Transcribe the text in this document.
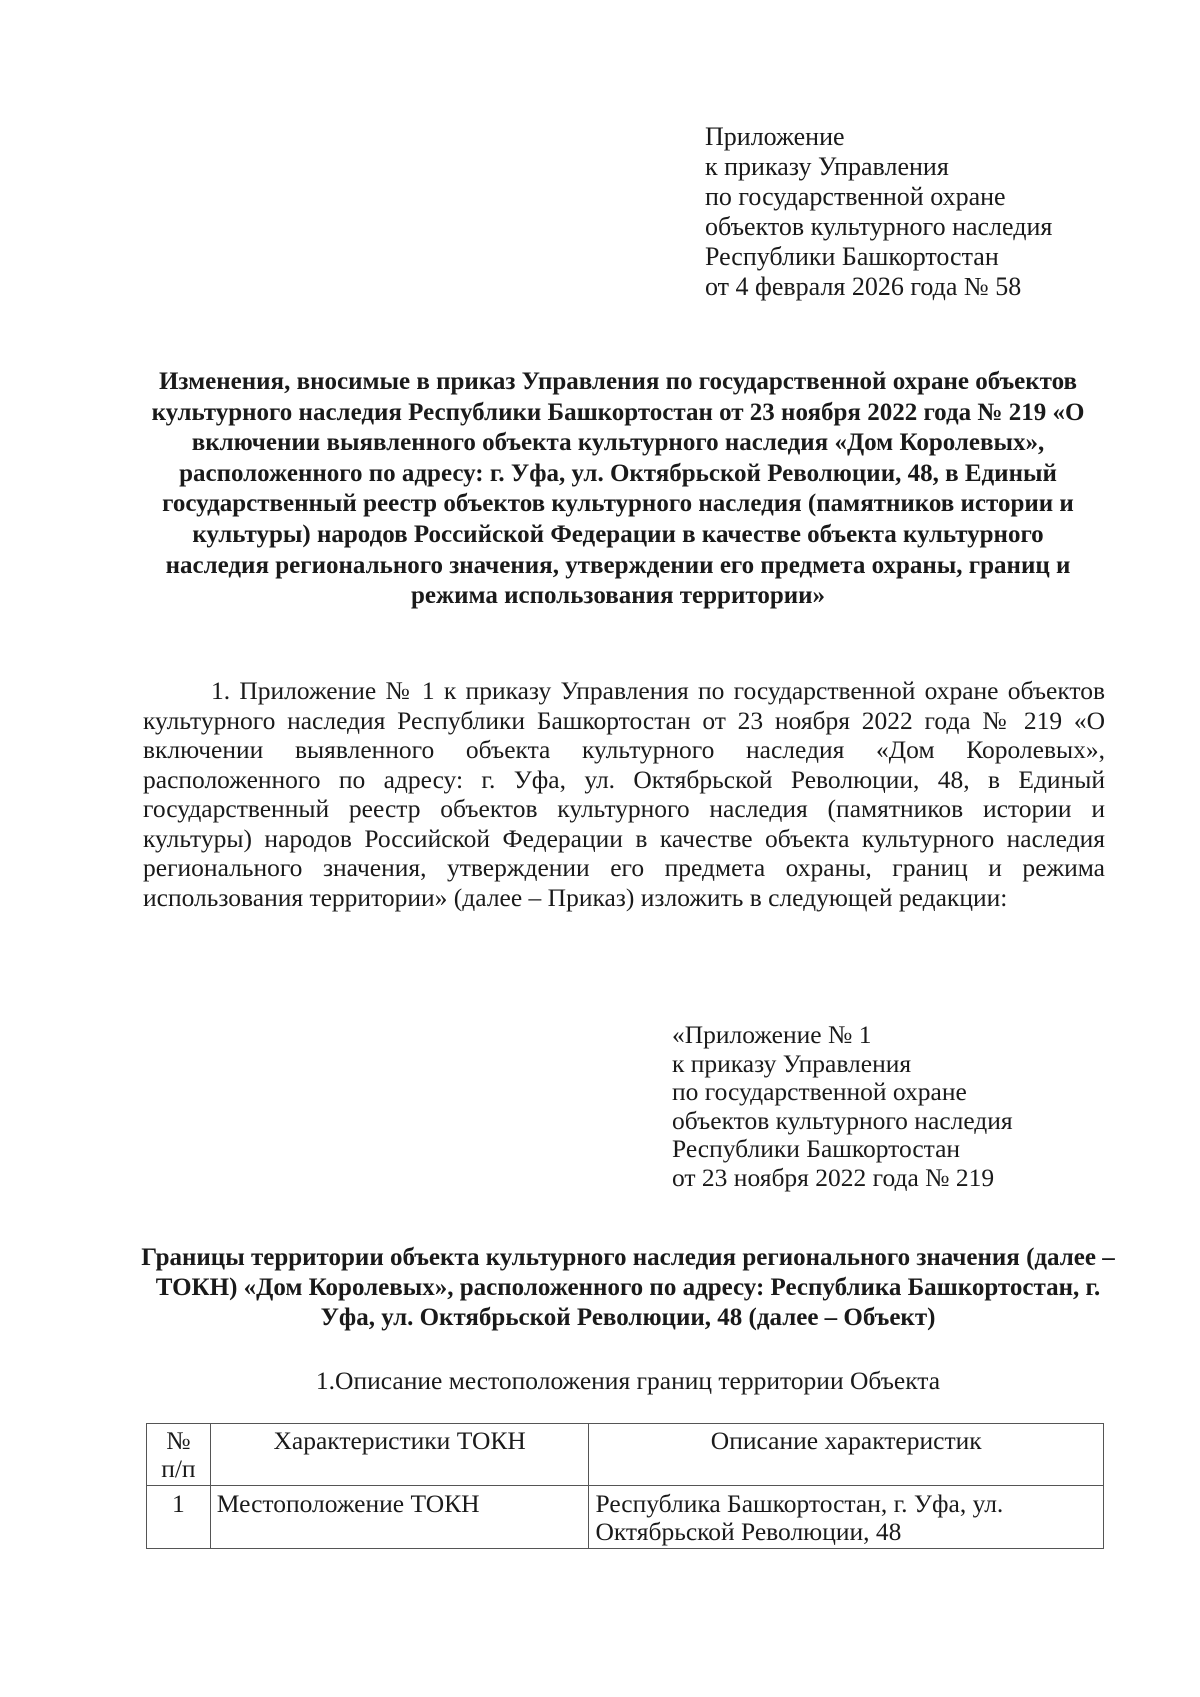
Приложение
к приказу Управления
по государственной охране
объектов культурного наследия
Республики Башкортостан
от 4 февраля 2026 года № 58
Изменения, вносимые в приказ Управления по государственной охране объектов культурного наследия Республики Башкортостан от 23 ноября 2022 года № 219 «О включении выявленного объекта культурного наследия «Дом Королевых», расположенного по адресу: г. Уфа, ул. Октябрьской Революции, 48, в Единый государственный реестр объектов культурного наследия (памятников истории и культуры) народов Российской Федерации в качестве объекта культурного наследия регионального значения, утверждении его предмета охраны, границ и режима использования территории»
1. Приложение № 1 к приказу Управления по государственной охране объектов культурного наследия Республики Башкортостан от 23 ноября 2022 года № 219 «О включении выявленного объекта культурного наследия «Дом Королевых», расположенного по адресу: г. Уфа, ул. Октябрьской Революции, 48, в Единый государственный реестр объектов культурного наследия (памятников истории и культуры) народов Российской Федерации в качестве объекта культурного наследия регионального значения, утверждении его предмета охраны, границ и режима использования территории» (далее – Приказ) изложить в следующей редакции:
«Приложение № 1
к приказу Управления
по государственной охране
объектов культурного наследия
Республики Башкортостан
от 23 ноября 2022 года № 219
Границы территории объекта культурного наследия регионального значения (далее – ТОКН) «Дом Королевых», расположенного по адресу: Республика Башкортостан, г. Уфа, ул. Октябрьской Революции, 48 (далее – Объект)
1.Описание местоположения границ территории Объекта
№ п/п	Характеристики ТОКН	Описание характеристик
1	Местоположение ТОКН	Республика Башкортостан, г. Уфа, ул. Октябрьской Революции, 48
